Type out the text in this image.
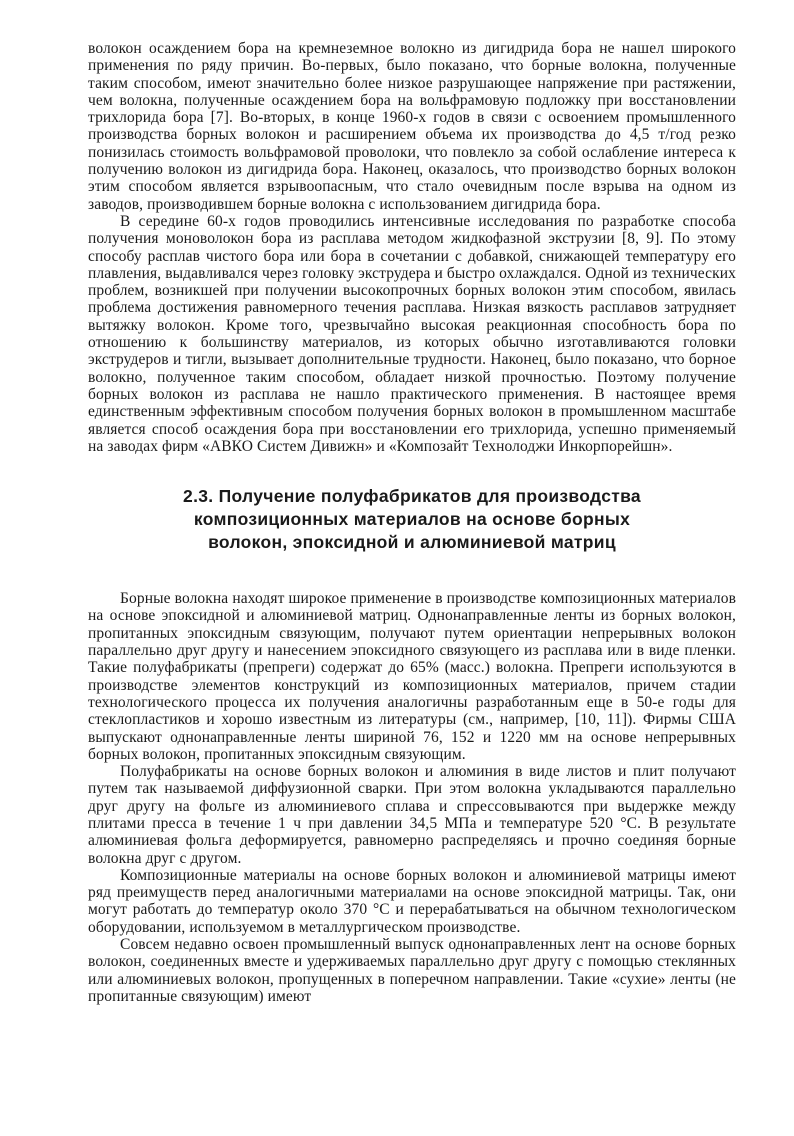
волокон осаждением бора на кремнеземное волокно из дигидрида бора не нашел широкого применения по ряду причин. Во-первых, было показано, что борные волокна, полученные таким способом, имеют значительно более низкое разрушающее напряжение при растяжении, чем волокна, полученные осаждением бора на вольфрамовую подложку при восстановлении трихлорида бора [7]. Во-вторых, в конце 1960-х годов в связи с освоением промышленного производства борных волокон и расширением объема их производства до 4,5 т/год резко понизилась стоимость вольфрамовой проволоки, что повлекло за собой ослабление интереса к получению волокон из дигидрида бора. Наконец, оказалось, что производство борных волокон этим способом является взрывоопасным, что стало очевидным после взрыва на одном из заводов, производившем борные волокна с использованием дигидрида бора.

В середине 60-х годов проводились интенсивные исследования по разработке способа получения моноволокон бора из расплава методом жидкофазной экструзии [8, 9]. По этому способу расплав чистого бора или бора в сочетании с добавкой, снижающей температуру его плавления, выдавливался через головку экструдера и быстро охлаждался. Одной из технических проблем, возникшей при получении высокопрочных борных волокон этим способом, явилась проблема достижения равномерного течения расплава. Низкая вязкость расплавов затрудняет вытяжку волокон. Кроме того, чрезвычайно высокая реакционная способность бора по отношению к большинству материалов, из которых обычно изготавливаются головки экструдеров и тигли, вызывает дополнительные трудности. Наконец, было показано, что борное волокно, полученное таким способом, обладает низкой прочностью. Поэтому получение борных волокон из расплава не нашло практического применения. В настоящее время единственным эффективным способом получения борных волокон в промышленном масштабе является способ осаждения бора при восстановлении его трихлорида, успешно применяемый на заводах фирм «АВКО Систем Дивижн» и «Композайт Технолоджи Инкорпорейшн».

2.3. Получение полуфабрикатов для производства
композиционных материалов на основе борных
волокон, эпоксидной и алюминиевой матриц

Борные волокна находят широкое применение в производстве композиционных материалов на основе эпоксидной и алюминиевой матриц. Однонаправленные ленты из борных волокон, пропитанных эпоксидным связующим, получают путем ориентации непрерывных волокон параллельно друг другу и нанесением эпоксидного связующего из расплава или в виде пленки. Такие полуфабрикаты (препреги) содержат до 65% (масс.) волокна. Препреги используются в производстве элементов конструкций из композиционных материалов, причем стадии технологического процесса их получения аналогичны разработанным еще в 50-е годы для стеклопластиков и хорошо известным из литературы (см., например, [10, 11]). Фирмы США выпускают однонаправленные ленты шириной 76, 152 и 1220 мм на основе непрерывных борных волокон, пропитанных эпоксидным связующим.

Полуфабрикаты на основе борных волокон и алюминия в виде листов и плит получают путем так называемой диффузионной сварки. При этом волокна укладываются параллельно друг другу на фольге из алюминиевого сплава и спрессовываются при выдержке между плитами пресса в течение 1 ч при давлении 34,5 МПа и температуре 520 °С. В результате алюминиевая фольга деформируется, равномерно распределяясь и прочно соединяя борные волокна друг с другом.

Композиционные материалы на основе борных волокон и алюминиевой матрицы имеют ряд преимуществ перед аналогичными материалами на основе эпоксидной матрицы. Так, они могут работать до температур около 370 °С и перерабатываться на обычном технологическом оборудовании, используемом в металлургическом производстве.

Совсем недавно освоен промышленный выпуск однонаправленных лент на основе борных волокон, соединенных вместе и удерживаемых параллельно друг другу с помощью стеклянных или алюминиевых волокон, пропущенных в поперечном направлении. Такие «сухие» ленты (не пропитанные связующим) имеют
